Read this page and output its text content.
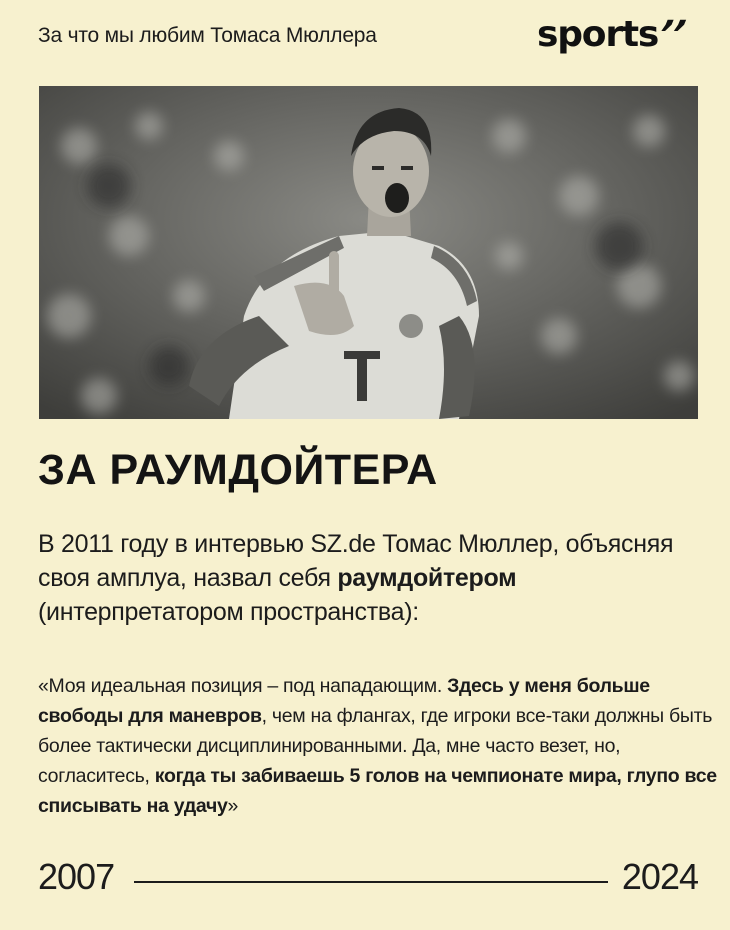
За что мы любим Томаса Мюллера	sports’’
ЗА РАУМДОЙТЕРА

В 2011 году в интервью SZ.de Томас Мюллер, объясняя своя амплуа, назвал себя раумдойтером (интерпретатором пространства):

«Моя идеальная позиция – под нападающим. Здесь у меня больше свободы для маневров, чем на флангах, где игроки все-таки должны быть более тактически дисциплинированными. Да, мне часто везет, но, согласитесь, когда ты забиваешь 5 голов на чемпионате мира, глупо все списывать на удачу»

2007	2024
